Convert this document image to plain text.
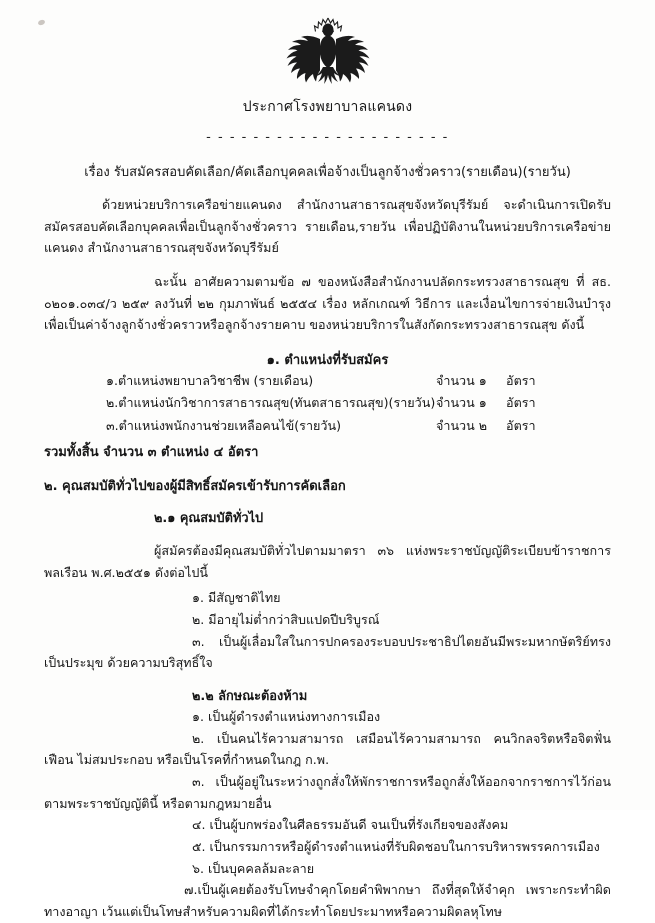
ประกาศโรงพยาบาลแคนดง
- - - - - - - - - - - - - - - - - - - - -
เรื่อง รับสมัครสอบคัดเลือก/คัดเลือกบุคคลเพื่อจ้างเป็นลูกจ้างชั่วคราว(รายเดือน)(รายวัน)

ด้วยหน่วยบริการเครือข่ายแคนดง สำนักงานสาธารณสุขจังหวัดบุรีรัมย์ จะดำเนินการเปิดรับสมัครสอบคัดเลือกบุคคลเพื่อเป็นลูกจ้างชั่วคราว รายเดือน,รายวัน เพื่อปฏิบัติงานในหน่วยบริการเครือข่ายแคนดง สำนักงานสาธารณสุขจังหวัดบุรีรัมย์

ฉะนั้น อาศัยความตามข้อ ๗ ของหนังสือสำนักงานปลัดกระทรวงสาธารณสุข ที่ สธ. ๐๒๐๑.๐๓๔/ว ๒๕๙ ลงวันที่ ๒๒ กุมภาพันธ์ ๒๕๕๔ เรื่อง หลักเกณฑ์ วิธีการ และเงื่อนไขการจ่ายเงินบำรุงเพื่อเป็นค่าจ้างลูกจ้างชั่วคราวหรือลูกจ้างรายคาบ ของหน่วยบริการในสังกัดกระทรวงสาธารณสุข ดังนี้

๑. ตำแหน่งที่รับสมัคร
๑.ตำแหน่งพยาบาลวิชาชีพ (รายเดือน)	จำนวน ๑	อัตรา
๒.ตำแหน่งนักวิชาการสาธารณสุข(ทันตสาธารณสุข)(รายวัน) จำนวน ๑	อัตรา
๓.ตำแหน่งพนักงานช่วยเหลือคนไข้(รายวัน)	จำนวน ๒	อัตรา
รวมทั้งสิ้น จำนวน ๓ ตำแหน่ง ๔ อัตรา
๒. คุณสมบัติทั่วไปของผู้มีสิทธิ์สมัครเข้ารับการคัดเลือก
๒.๑ คุณสมบัติทั่วไป

ผู้สมัครต้องมีคุณสมบัติทั่วไปตามมาตรา ๓๖ แห่งพระราชบัญญัติระเบียบข้าราชการพลเรือน พ.ศ.๒๕๕๑ ดังต่อไปนี้

๑. มีสัญชาติไทย
๒. มีอายุไม่ต่ำกว่าสิบแปดปีบริบูรณ์
๓. เป็นผู้เลื่อมใสในการปกครองระบอบประชาธิปไตยอันมีพระมหากษัตริย์ทรงเป็นประมุข ด้วยความบริสุทธิ์ใจ
๒.๒ ลักษณะต้องห้าม
๑. เป็นผู้ดำรงตำแหน่งทางการเมือง
๒. เป็นคนไร้ความสามารถ เสมือนไร้ความสามารถ คนวิกลจริตหรือจิตฟั่นเฟือน ไม่สมประกอบ หรือเป็นโรคที่กำหนดในกฎ ก.พ.
๓. เป็นผู้อยู่ในระหว่างถูกสั่งให้พักราชการหรือถูกสั่งให้ออกจากราชการไว้ก่อนตามพระราชบัญญัตินี้ หรือตามกฎหมายอื่น
๔. เป็นผู้บกพร่องในศีลธรรมอันดี จนเป็นที่รังเกียจของสังคม
๕. เป็นกรรมการหรือผู้ดำรงตำแหน่งที่รับผิดชอบในการบริหารพรรคการเมือง
๖. เป็นบุคคลล้มละลาย
๗.เป็นผู้เคยต้องรับโทษจำคุกโดยคำพิพากษา ถึงที่สุดให้จำคุก เพราะกระทำผิดทางอาญา เว้นแต่เป็นโทษสำหรับความผิดที่ได้กระทำโดยประมาทหรือความผิดลหุโทษ
